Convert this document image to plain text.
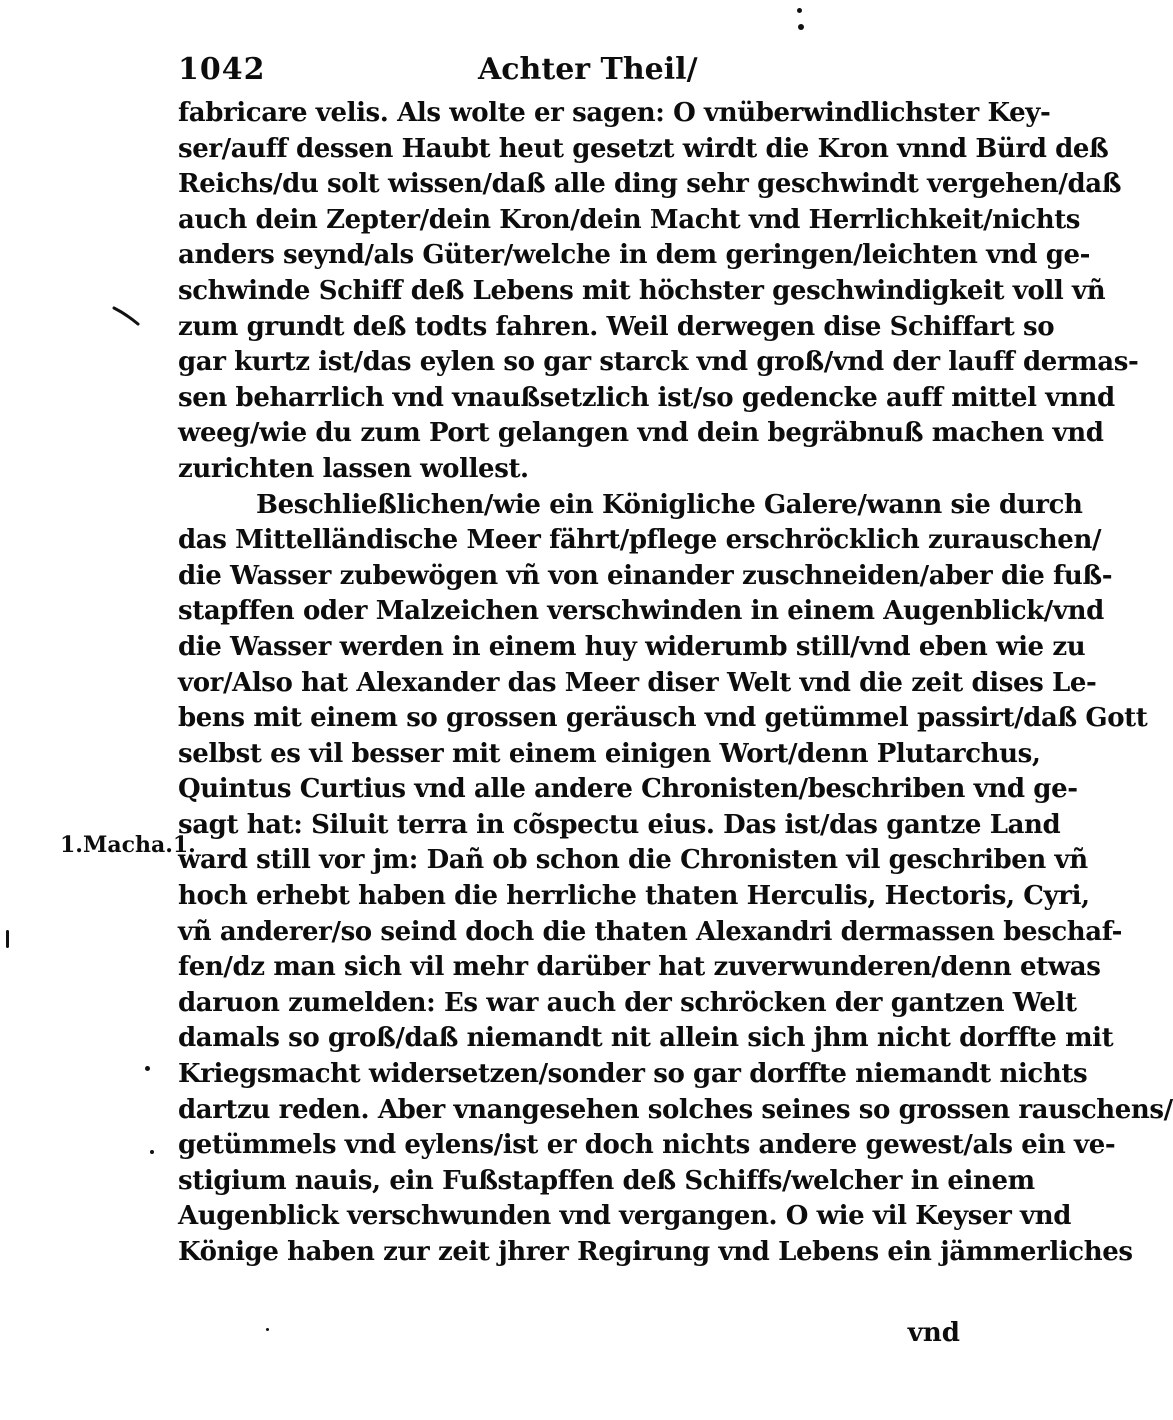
1042	Achter Theil/
fabricare velis. Als wolte er sagen: O vnüberwindlichster Key-
ser/auff dessen Haubt heut gesetzt wirdt die Kron vnnd Bürd deß
Reichs/du solt wissen/daß alle ding sehr geschwindt vergehen/daß
auch dein Zepter/dein Kron/dein Macht vnd Herrlichkeit/nichts
anders seynd/als Güter/welche in dem geringen/leichten vnd ge-
schwinde Schiff deß Lebens mit höchster geschwindigkeit voll vñ
zum grundt deß todts fahren. Weil derwegen dise Schiffart so
gar kurtz ist/das eylen so gar starck vnd groß/vnd der lauff dermas-
sen beharrlich vnd vnaußsetzlich ist/so gedencke auff mittel vnnd
weeg/wie du zum Port gelangen vnd dein begräbnuß machen vnd
zurichten lassen wollest.
Beschließlichen/wie ein Königliche Galere/wann sie durch
das Mittelländische Meer fährt/pflege erschröcklich zurauschen/
die Wasser zubewögen vñ von einander zuschneiden/aber die fuß-
stapffen oder Malzeichen verschwinden in einem Augenblick/vnd
die Wasser werden in einem huy widerumb still/vnd eben wie zu
vor/Also hat Alexander das Meer diser Welt vnd die zeit dises Le-
bens mit einem so grossen geräusch vnd getümmel passirt/daß Gott
selbst es vil besser mit einem einigen Wort/denn Plutarchus,
Quintus Curtius vnd alle andere Chronisten/beschriben vnd ge-
sagt hat: Siluit terra in cõspectu eius. Das ist/das gantze Land
ward still vor jm: Dañ ob schon die Chronisten vil geschriben vñ
hoch erhebt haben die herrliche thaten Herculis, Hectoris, Cyri,
vñ anderer/so seind doch die thaten Alexandri dermassen beschaf-
fen/dz man sich vil mehr darüber hat zuverwunderen/denn etwas
daruon zumelden: Es war auch der schröcken der gantzen Welt
damals so groß/daß niemandt nit allein sich jhm nicht dorffte mit
Kriegsmacht widersetzen/sonder so gar dorffte niemandt nichts
dartzu reden. Aber vnangesehen solches seines so grossen rauschens/
getümmels vnd eylens/ist er doch nichts andere gewest/als ein ve-
stigium nauis, ein Fußstapffen deß Schiffs/welcher in einem
Augenblick verschwunden vnd vergangen. O wie vil Keyser vnd
Könige haben zur zeit jhrer Regirung vnd Lebens ein jämmerliches
1.Macha.1.
vnd
